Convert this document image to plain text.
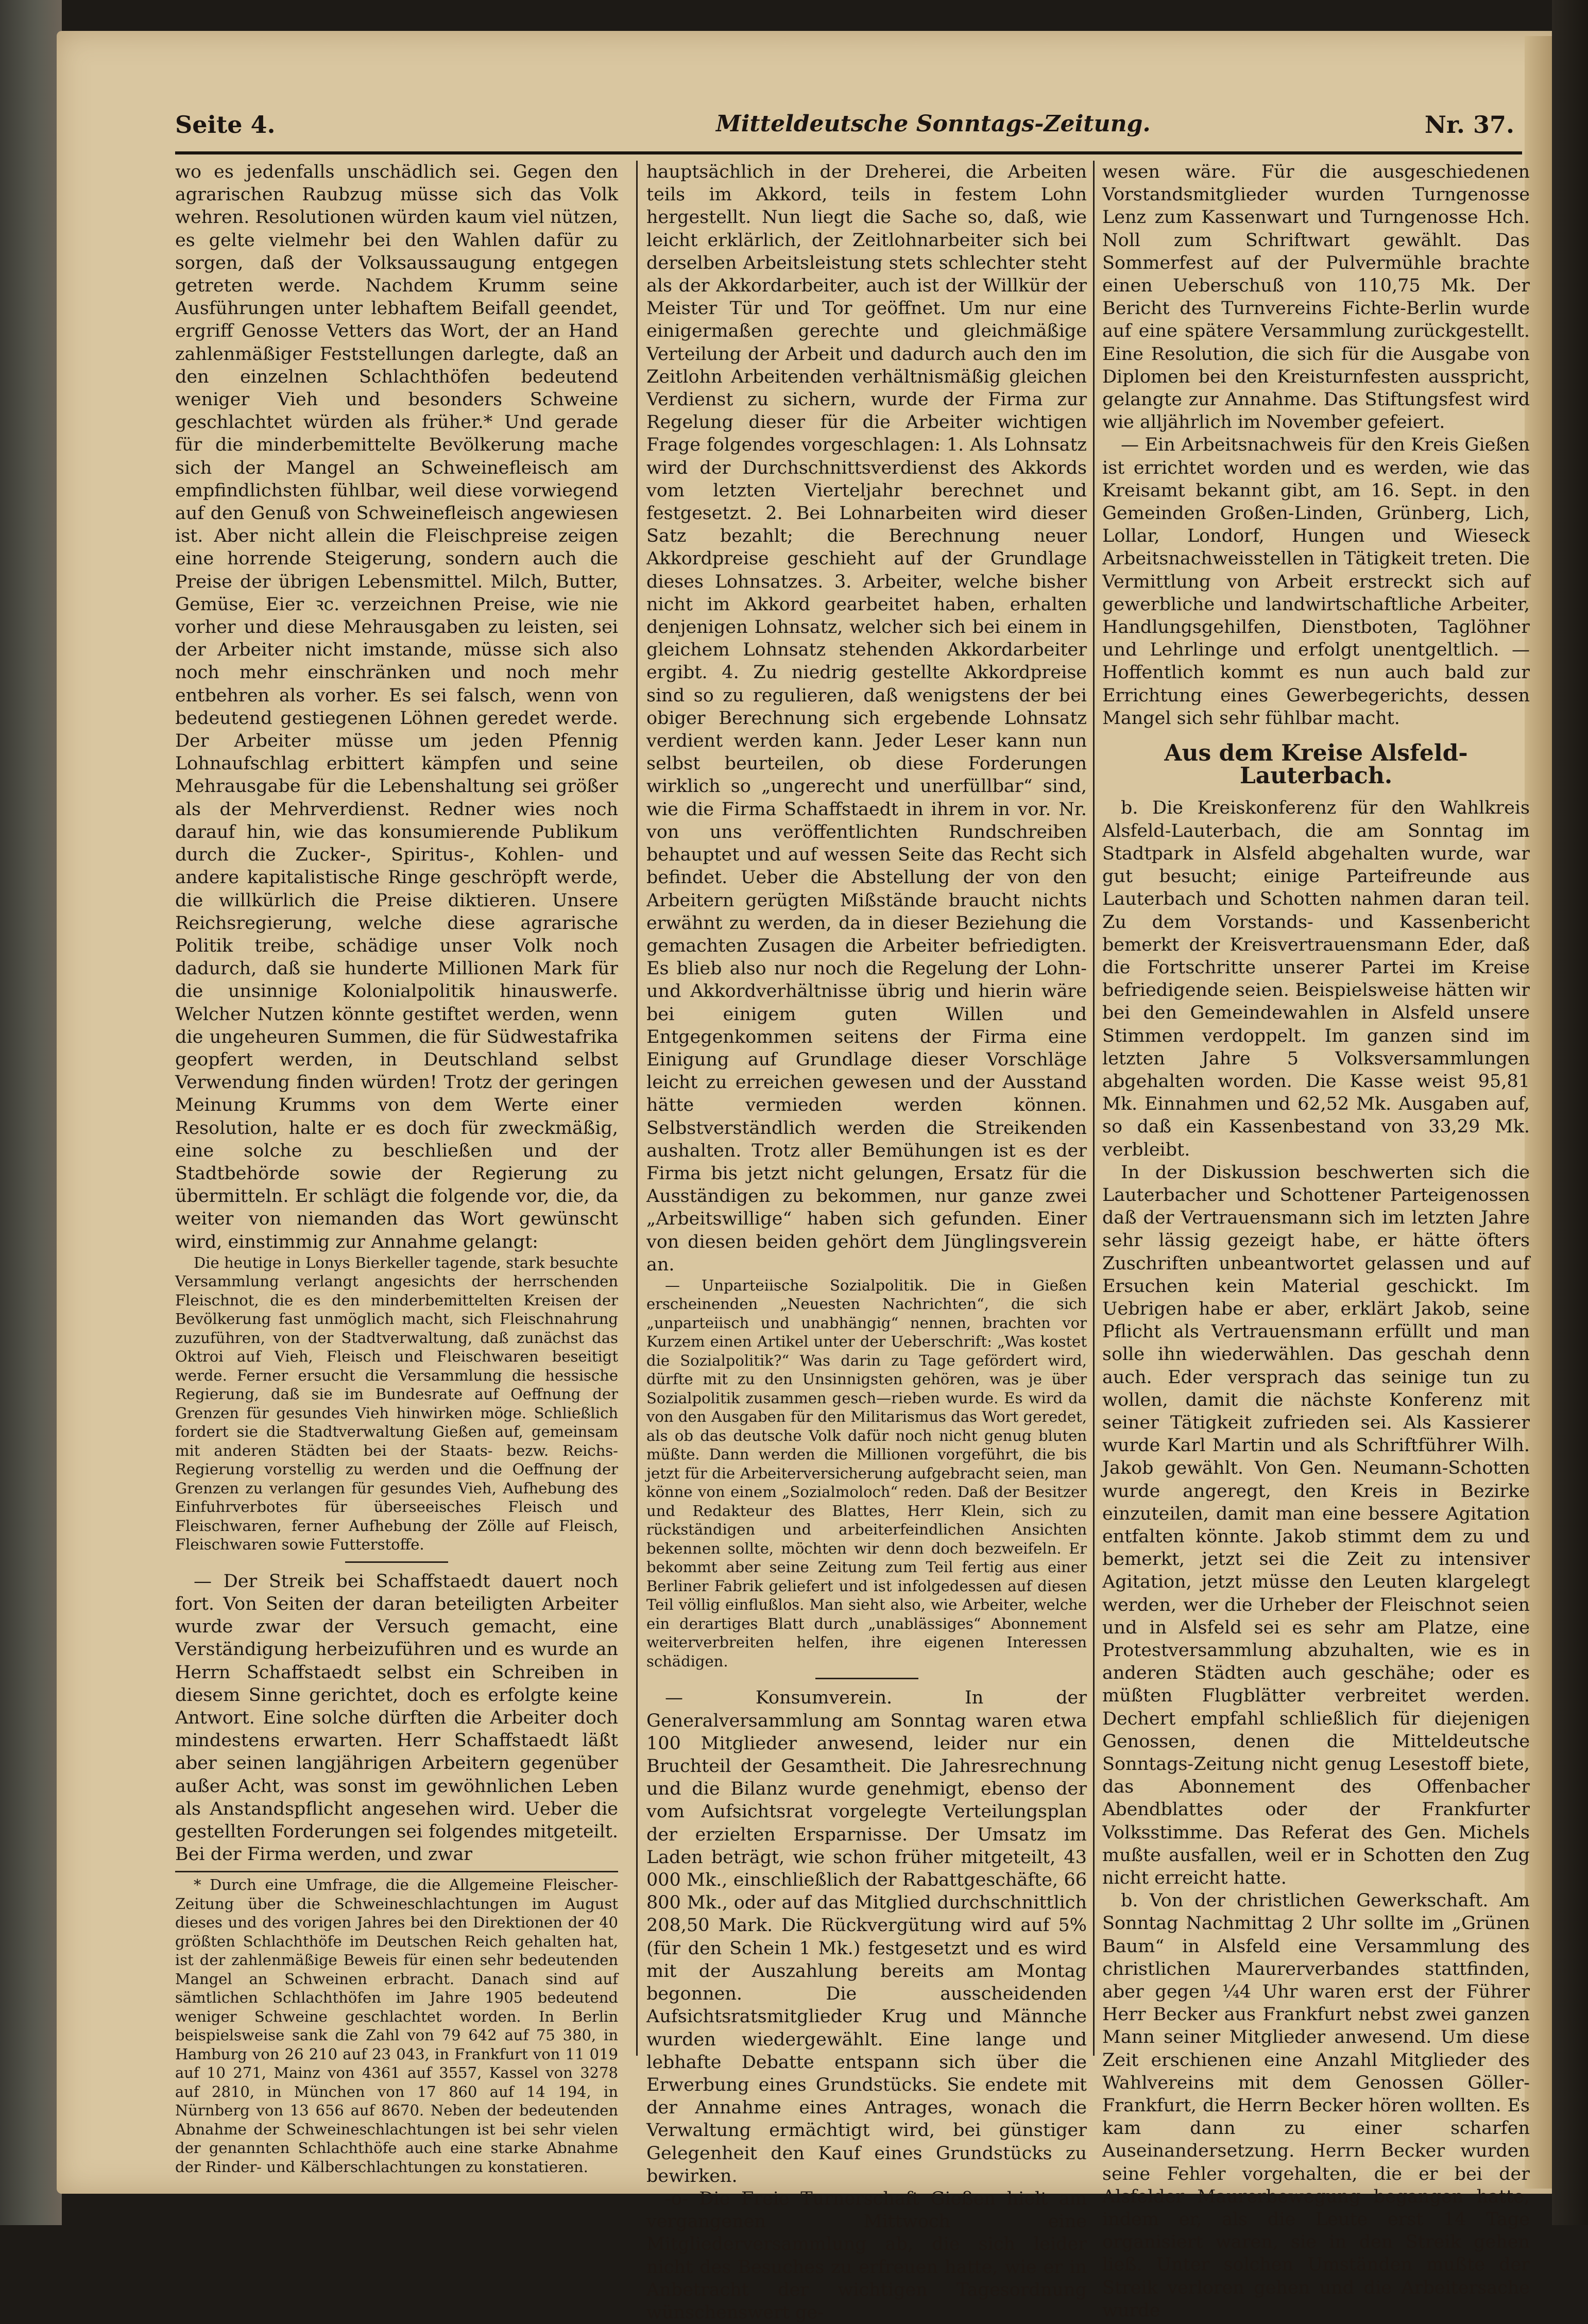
Seite 4.	Mitteldeutsche Sonntags-Zeitung.	Nr. 37.

wo es jedenfalls unschädlich sei. Gegen den agrarischen Raubzug müsse sich das Volk wehren. Resolutionen würden kaum viel nützen, es gelte vielmehr bei den Wahlen dafür zu sorgen, daß der Volksaussaugung entgegen getreten werde. Nachdem Krumm seine Ausführungen unter lebhaftem Beifall geendet, ergriff Genosse Vetters das Wort, der an Hand zahlenmäßiger Feststellungen darlegte, daß an den einzelnen Schlachthöfen bedeutend weniger Vieh und besonders Schweine geschlachtet würden als früher.* Und gerade für die minderbemittelte Bevölkerung mache sich der Mangel an Schweinefleisch am empfindlichsten fühlbar, weil diese vorwiegend auf den Genuß von Schweinefleisch angewiesen ist. Aber nicht allein die Fleischpreise zeigen eine horrende Steigerung, sondern auch die Preise der übrigen Lebensmittel. Milch, Butter, Gemüse, Eier ꝛc. verzeichnen Preise, wie nie vorher und diese Mehrausgaben zu leisten, sei der Arbeiter nicht imstande, müsse sich also noch mehr einschränken und noch mehr entbehren als vorher. Es sei falsch, wenn von bedeutend gestiegenen Löhnen geredet werde. Der Arbeiter müsse um jeden Pfennig Lohnaufschlag erbittert kämpfen und seine Mehrausgabe für die Lebenshaltung sei größer als der Mehrverdienst. Redner wies noch darauf hin, wie das konsumierende Publikum durch die Zucker-, Spiritus-, Kohlen- und andere kapitalistische Ringe geschröpft werde, die willkürlich die Preise diktieren. Unsere Reichsregierung, welche diese agrarische Politik treibe, schädige unser Volk noch dadurch, daß sie hunderte Millionen Mark für die unsinnige Kolonialpolitik hinauswerfe. Welcher Nutzen könnte gestiftet werden, wenn die ungeheuren Summen, die für Südwestafrika geopfert werden, in Deutschland selbst Verwendung finden würden! Trotz der geringen Meinung Krumms von dem Werte einer Resolution, halte er es doch für zweckmäßig, eine solche zu beschließen und der Stadtbehörde sowie der Regierung zu übermitteln. Er schlägt die folgende vor, die, da weiter von niemanden das Wort gewünscht wird, einstimmig zur Annahme gelangt:

Die heutige in Lonys Bierkeller tagende, stark besuchte Versammlung verlangt angesichts der herrschenden Fleischnot, die es den minderbemittelten Kreisen der Bevölkerung fast unmöglich macht, sich Fleischnahrung zuzuführen, von der Stadtverwaltung, daß zunächst das Oktroi auf Vieh, Fleisch und Fleischwaren beseitigt werde. Ferner ersucht die Versammlung die hessische Regierung, daß sie im Bundesrate auf Oeffnung der Grenzen für gesundes Vieh hinwirken möge. Schließlich fordert sie die Stadtverwaltung Gießen auf, gemeinsam mit anderen Städten bei der Staats- bezw. Reichs-Regierung vorstellig zu werden und die Oeffnung der Grenzen zu verlangen für gesundes Vieh, Aufhebung des Einfuhrverbotes für überseeisches Fleisch und Fleischwaren, ferner Aufhebung der Zölle auf Fleisch, Fleischwaren sowie Futterstoffe.

— Der Streik bei Schaffstaedt dauert noch fort. Von Seiten der daran beteiligten Arbeiter wurde zwar der Versuch gemacht, eine Verständigung herbeizuführen und es wurde an Herrn Schaffstaedt selbst ein Schreiben in diesem Sinne gerichtet, doch es erfolgte keine Antwort. Eine solche dürften die Arbeiter doch mindestens erwarten. Herr Schaffstaedt läßt aber seinen langjährigen Arbeitern gegenüber außer Acht, was sonst im gewöhnlichen Leben als Anstandspflicht angesehen wird. Ueber die gestellten Forderungen sei folgendes mitgeteilt. Bei der Firma werden, und zwar

* Durch eine Umfrage, die die Allgemeine Fleischer-Zeitung über die Schweineschlachtungen im August dieses und des vorigen Jahres bei den Direktionen der 40 größten Schlachthöfe im Deutschen Reich gehalten hat, ist der zahlenmäßige Beweis für einen sehr bedeutenden Mangel an Schweinen erbracht. Danach sind auf sämtlichen Schlachthöfen im Jahre 1905 bedeutend weniger Schweine geschlachtet worden. In Berlin beispielsweise sank die Zahl von 79 642 auf 75 380, in Hamburg von 26 210 auf 23 043, in Frankfurt von 11 019 auf 10 271, Mainz von 4361 auf 3557, Kassel von 3278 auf 2810, in München von 17 860 auf 14 194, in Nürnberg von 13 656 auf 8670. Neben der bedeutenden Abnahme der Schweineschlachtungen ist bei sehr vielen der genannten Schlachthöfe auch eine starke Abnahme der Rinder- und Kälberschlachtungen zu konstatieren.

hauptsächlich in der Dreherei, die Arbeiten teils im Akkord, teils in festem Lohn hergestellt. Nun liegt die Sache so, daß, wie leicht erklärlich, der Zeitlohnarbeiter sich bei derselben Arbeitsleistung stets schlechter steht als der Akkordarbeiter, auch ist der Willkür der Meister Tür und Tor geöffnet. Um nur eine einigermaßen gerechte und gleichmäßige Verteilung der Arbeit und dadurch auch den im Zeitlohn Arbeitenden verhältnismäßig gleichen Verdienst zu sichern, wurde der Firma zur Regelung dieser für die Arbeiter wichtigen Frage folgendes vorgeschlagen: 1. Als Lohnsatz wird der Durchschnittsverdienst des Akkords vom letzten Vierteljahr berechnet und festgesetzt. 2. Bei Lohnarbeiten wird dieser Satz bezahlt; die Berechnung neuer Akkordpreise geschieht auf der Grundlage dieses Lohnsatzes. 3. Arbeiter, welche bisher nicht im Akkord gearbeitet haben, erhalten denjenigen Lohnsatz, welcher sich bei einem in gleichem Lohnsatz stehenden Akkordarbeiter ergibt. 4. Zu niedrig gestellte Akkordpreise sind so zu regulieren, daß wenigstens der bei obiger Berechnung sich ergebende Lohnsatz verdient werden kann. Jeder Leser kann nun selbst beurteilen, ob diese Forderungen wirklich so „ungerecht und unerfüllbar“ sind, wie die Firma Schaffstaedt in ihrem in vor. Nr. von uns veröffentlichten Rundschreiben behauptet und auf wessen Seite das Recht sich befindet. Ueber die Abstellung der von den Arbeitern gerügten Mißstände braucht nichts erwähnt zu werden, da in dieser Beziehung die gemachten Zusagen die Arbeiter befriedigten. Es blieb also nur noch die Regelung der Lohn- und Akkordverhältnisse übrig und hierin wäre bei einigem guten Willen und Entgegenkommen seitens der Firma eine Einigung auf Grundlage dieser Vorschläge leicht zu erreichen gewesen und der Ausstand hätte vermieden werden können. Selbstverständlich werden die Streikenden aushalten. Trotz aller Bemühungen ist es der Firma bis jetzt nicht gelungen, Ersatz für die Ausständigen zu bekommen, nur ganze zwei „Arbeitswillige“ haben sich gefunden. Einer von diesen beiden gehört dem Jünglingsverein an.

— Unparteiische Sozialpolitik. Die in Gießen erscheinenden „Neuesten Nachrichten“, die sich „unparteiisch und unabhängig“ nennen, brachten vor Kurzem einen Artikel unter der Ueberschrift: „Was kostet die Sozialpolitik?“ Was darin zu Tage gefördert wird, dürfte mit zu den Unsinnigsten gehören, was je über Sozialpolitik zusammen gesch—rieben wurde. Es wird da von den Ausgaben für den Militarismus das Wort geredet, als ob das deutsche Volk dafür noch nicht genug bluten müßte. Dann werden die Millionen vorgeführt, die bis jetzt für die Arbeiterversicherung aufgebracht seien, man könne von einem „Sozialmoloch“ reden. Daß der Besitzer und Redakteur des Blattes, Herr Klein, sich zu rückständigen und arbeiterfeindlichen Ansichten bekennen sollte, möchten wir denn doch bezweifeln. Er bekommt aber seine Zeitung zum Teil fertig aus einer Berliner Fabrik geliefert und ist infolgedessen auf diesen Teil völlig einflußlos. Man sieht also, wie Arbeiter, welche ein derartiges Blatt durch „unablässiges“ Abonnement weiterverbreiten helfen, ihre eigenen Interessen schädigen.

— Konsumverein. In der Generalversammlung am Sonntag waren etwa 100 Mitglieder anwesend, leider nur ein Bruchteil der Gesamtheit. Die Jahresrechnung und die Bilanz wurde genehmigt, ebenso der vom Aufsichtsrat vorgelegte Verteilungsplan der erzielten Ersparnisse. Der Umsatz im Laden beträgt, wie schon früher mitgeteilt, 43 000 Mk., einschließlich der Rabattgeschäfte, 66 800 Mk., oder auf das Mitglied durchschnittlich 208,50 Mark. Die Rückvergütung wird auf 5% (für den Schein 1 Mk.) festgesetzt und es wird mit der Auszahlung bereits am Montag begonnen. Die ausscheidenden Aufsichtsratsmitglieder Krug und Männche wurden wiedergewählt. Eine lange und lebhafte Debatte entspann sich über die Erwerbung eines Grundstücks. Sie endete mit der Annahme eines Antrages, wonach die Verwaltung ermächtigt wird, bei günstiger Gelegenheit den Kauf eines Grundstücks zu bewirken.

-o- Die Freie Turnerschaft Gießen hielt am vergangenen Mittwoch eine Mitgliederversammlung ab, die sich leider nicht des Besuches zu erfreuen hatte, wie er in Anbetracht der wichtigen Tagesordnung wünschenswert ge-

wesen wäre. Für die ausgeschiedenen Vorstandsmitglieder wurden Turngenosse Lenz zum Kassenwart und Turngenosse Hch. Noll zum Schriftwart gewählt. Das Sommerfest auf der Pulvermühle brachte einen Ueberschuß von 110,75 Mk. Der Bericht des Turnvereins Fichte-Berlin wurde auf eine spätere Versammlung zurückgestellt. Eine Resolution, die sich für die Ausgabe von Diplomen bei den Kreisturnfesten ausspricht, gelangte zur Annahme. Das Stiftungsfest wird wie alljährlich im November gefeiert.

— Ein Arbeitsnachweis für den Kreis Gießen ist errichtet worden und es werden, wie das Kreisamt bekannt gibt, am 16. Sept. in den Gemeinden Großen-Linden, Grünberg, Lich, Lollar, Londorf, Hungen und Wieseck Arbeitsnachweisstellen in Tätigkeit treten. Die Vermittlung von Arbeit erstreckt sich auf gewerbliche und landwirtschaftliche Arbeiter, Handlungsgehilfen, Dienstboten, Taglöhner und Lehrlinge und erfolgt unentgeltlich. — Hoffentlich kommt es nun auch bald zur Errichtung eines Gewerbegerichts, dessen Mangel sich sehr fühlbar macht.

Aus dem Kreise Alsfeld-Lauterbach.

b. Die Kreiskonferenz für den Wahlkreis Alsfeld-Lauterbach, die am Sonntag im Stadtpark in Alsfeld abgehalten wurde, war gut besucht; einige Parteifreunde aus Lauterbach und Schotten nahmen daran teil. Zu dem Vorstands- und Kassenbericht bemerkt der Kreisvertrauensmann Eder, daß die Fortschritte unserer Partei im Kreise befriedigende seien. Beispielsweise hätten wir bei den Gemeindewahlen in Alsfeld unsere Stimmen verdoppelt. Im ganzen sind im letzten Jahre 5 Volksversammlungen abgehalten worden. Die Kasse weist 95,81 Mk. Einnahmen und 62,52 Mk. Ausgaben auf, so daß ein Kassenbestand von 33,29 Mk. verbleibt.

In der Diskussion beschwerten sich die Lauterbacher und Schottener Parteigenossen daß der Vertrauensmann sich im letzten Jahre sehr lässig gezeigt habe, er hätte öfters Zuschriften unbeantwortet gelassen und auf Ersuchen kein Material geschickt. Im Uebrigen habe er aber, erklärt Jakob, seine Pflicht als Vertrauensmann erfüllt und man solle ihn wiederwählen. Das geschah denn auch. Eder versprach das seinige tun zu wollen, damit die nächste Konferenz mit seiner Tätigkeit zufrieden sei. Als Kassierer wurde Karl Martin und als Schriftführer Wilh. Jakob gewählt. Von Gen. Neumann-Schotten wurde angeregt, den Kreis in Bezirke einzuteilen, damit man eine bessere Agitation entfalten könnte. Jakob stimmt dem zu und bemerkt, jetzt sei die Zeit zu intensiver Agitation, jetzt müsse den Leuten klargelegt werden, wer die Urheber der Fleischnot seien und in Alsfeld sei es sehr am Platze, eine Protestversammlung abzuhalten, wie es in anderen Städten auch geschähe; oder es müßten Flugblätter verbreitet werden. Dechert empfahl schließlich für diejenigen Genossen, denen die Mitteldeutsche Sonntags-Zeitung nicht genug Lesestoff biete, das Abonnement des Offenbacher Abendblattes oder der Frankfurter Volksstimme. Das Referat des Gen. Michels mußte ausfallen, weil er in Schotten den Zug nicht erreicht hatte.

b. Von der christlichen Gewerkschaft. Am Sonntag Nachmittag 2 Uhr sollte im „Grünen Baum“ in Alsfeld eine Versammlung des christlichen Maurerverbandes stattfinden, aber gegen ¼4 Uhr waren erst der Führer Herr Becker aus Frankfurt nebst zwei ganzen Mann seiner Mitglieder anwesend. Um diese Zeit erschienen eine Anzahl Mitglieder des Wahlvereins mit dem Genossen Göller-Frankfurt, die Herrn Becker hören wollten. Es kam dann zu einer scharfen Auseinandersetzung. Herrn Becker wurden seine Fehler vorgehalten, die er bei der Alsfelder Maurerbewegung begangen hatte, indem er, als die Leute erst 14 Tage organisiert waren, sie in den Streik gehen ließ. Unter solchen Umständen mußte der Streik verloren gehen und die Arbeitersache wurde
